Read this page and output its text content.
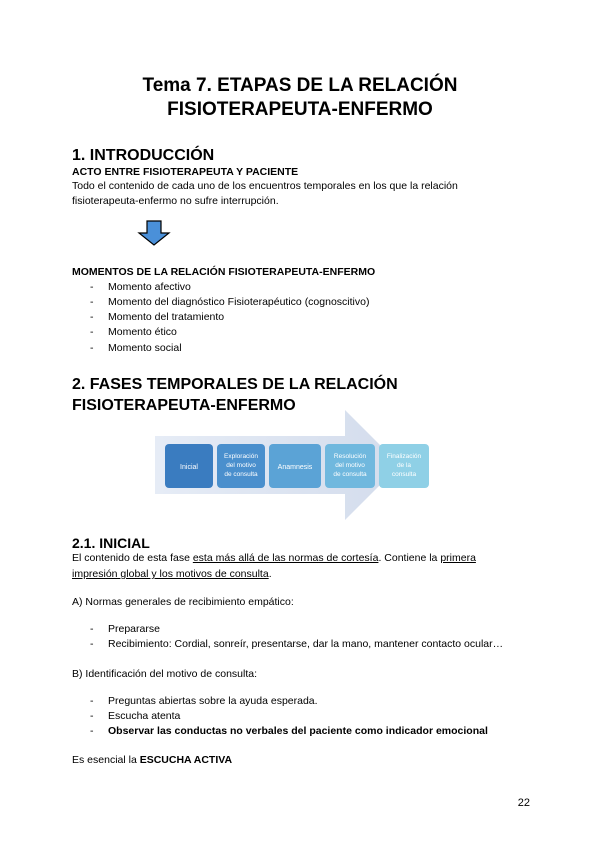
Tema 7. ETAPAS DE LA RELACIÓN
FISIOTERAPEUTA-ENFERMO
1. INTRODUCCIÓN
ACTO ENTRE FISIOTERAPEUTA Y PACIENTE
Todo el contenido de cada uno de los encuentros temporales en los que la relación
fisioterapeuta-enfermo no sufre interrupción.
MOMENTOS DE LA RELACIÓN FISIOTERAPEUTA-ENFERMO
- Momento afectivo
- Momento del diagnóstico Fisioterapéutico (cognoscitivo)
- Momento del tratamiento
- Momento ético
- Momento social
2. FASES TEMPORALES DE LA RELACIÓN
FISIOTERAPEUTA-ENFERMO
Inicial
Exploración
del motivo
de consulta
Anamnesis
Resolución
del motivo
de consulta
Finalización
de la
consulta
2.1. INICIAL
El contenido de esta fase esta más allá de las normas de cortesía. Contiene la primera
impresión global y los motivos de consulta.
A) Normas generales de recibimiento empático:
- Prepararse
- Recibimiento: Cordial, sonreír, presentarse, dar la mano, mantener contacto ocular…
B) Identificación del motivo de consulta:
- Preguntas abiertas sobre la ayuda esperada.
- Escucha atenta
- Observar las conductas no verbales del paciente como indicador emocional
Es esencial la ESCUCHA ACTIVA
22
